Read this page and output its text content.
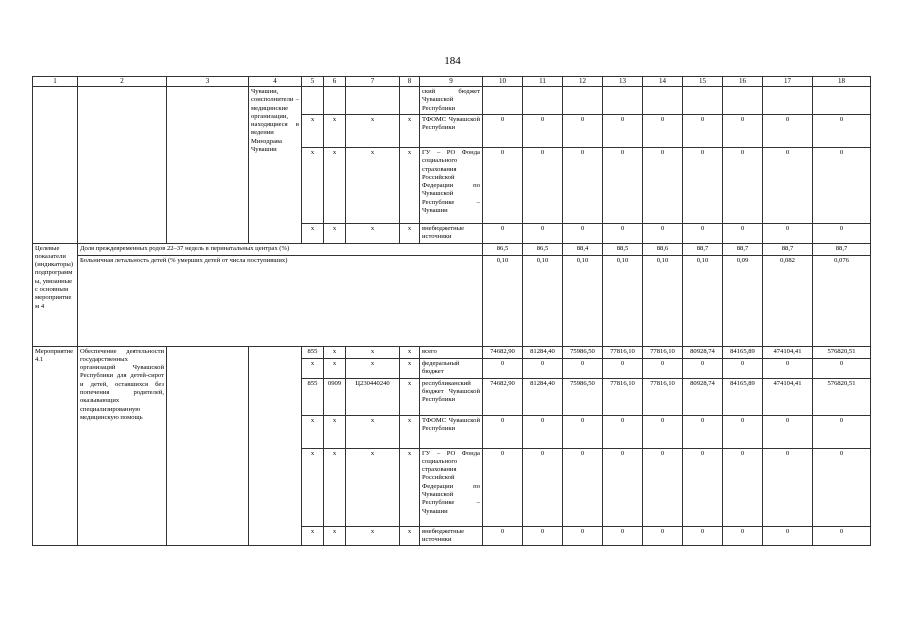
184
1	2	3	4	5	6	7	8	9	10	11	12	13	14	15	16	17	18
			Чувашии, соисполнители – медицинские организации, находящиеся в ведении Минздрава Чувашии					ский бюджет Чувашской Республики									
				x	x	x	x	ТФОМС Чувашской Республики	0	0	0	0	0	0	0	0	0
				x	x	x	x	ГУ – РО Фонда социального страхования Российской Федерации по Чувашской Республике – Чувашии	0	0	0	0	0	0	0	0	0
				x	x	x	x	внебюджетные источники	0	0	0	0	0	0	0	0	0
Целевые показатели (индикаторы) подпрограммы, увязанные с основным мероприятием 4	Доля преждевременных родов 22–37 недель в перинатальных центрах (%)								86,5	86,5	88,4	88,5	88,6	88,7	88,7	88,7	88,7
	Больничная летальность детей (% умерших детей от числа поступивших)								0,10	0,10	0,10	0,10	0,10	0,10	0,09	0,082	0,076
Мероприятие 4.1	Обеспечение деятельности государственных организаций Чувашской Республики для детей-сирот и детей, оставшихся без попечения родителей, оказывающих специализированную медицинскую помощь			855	x	x	x	всего	74682,90	81284,40	75986,50	77816,10	77816,10	80928,74	84165,89	474104,41	576820,51
				x	x	x	x	федеральный бюджет	0	0	0	0	0	0	0	0	0
				855	0909	Ц230440240	x	республиканский бюджет Чувашской Республики	74682,90	81284,40	75986,50	77816,10	77816,10	80928,74	84165,89	474104,41	576820,51
				x	x	x	x	ТФОМС Чувашской Республики	0	0	0	0	0	0	0	0	0
				x	x	x	x	ГУ – РО Фонда социального страхования Российской Федерации по Чувашской Республике – Чувашии	0	0	0	0	0	0	0	0	0
				x	x	x	x	внебюджетные источники	0	0	0	0	0	0	0	0	0
